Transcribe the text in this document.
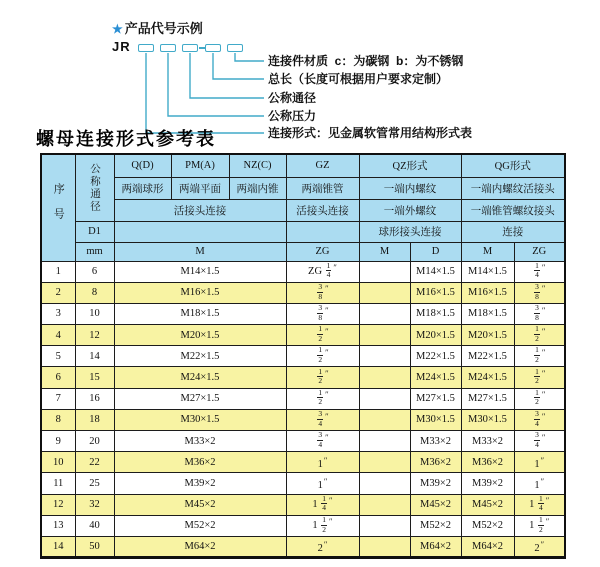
★ 产品代号示例
JR
连接件材质  c：为碳钢  b：为不锈钢
总长（长度可根据用户要求定制）
公称通径
公称压力
连接形式：见金属软管常用结构形式表
螺母连接形式参考表
序号	公称通径	Q(D)	PM(A)	NZ(C)	GZ	QZ形式		QG形式	
		两端球形	两端平面	两端内锥	两端锥管	一端内螺纹		一端内螺纹活接头	
		活接头连接			活接头连接	一端外螺纹		一端锥管螺纹接头	
	D1					球形接头连接		连接	
	mm	M			ZG	M	D	M	ZG
1	6	M14×1.5			ZG $\frac{1}{4} ''$		M14×1.5	M14×1.5	$\frac{1}{4} ''$
2	8	M16×1.5			$\frac{3}{8} ''$		M16×1.5	M16×1.5	$\frac{3}{8} ''$
3	10	M18×1.5			$\frac{3}{8} ''$		M18×1.5	M18×1.5	$\frac{3}{8} ''$
4	12	M20×1.5			$\frac{1}{2} ''$		M20×1.5	M20×1.5	$\frac{1}{2} ''$
5	14	M22×1.5			$\frac{1}{2} ''$		M22×1.5	M22×1.5	$\frac{1}{2} ''$
6	15	M24×1.5			$\frac{1}{2} ''$		M24×1.5	M24×1.5	$\frac{1}{2} ''$
7	16	M27×1.5			$\frac{1}{2} ''$		M27×1.5	M27×1.5	$\frac{1}{2} ''$
8	18	M30×1.5			$\frac{3}{4} ''$		M30×1.5	M30×1.5	$\frac{3}{4} ''$
9	20	M33×2			$\frac{3}{4} ''$		M33×2	M33×2	$\frac{3}{4} ''$
10	22	M36×2			1″		M36×2	M36×2	1″
11	25	M39×2			1″		M39×2	M39×2	1″
12	32	M45×2			$1 \frac{1}{4} ''$		M45×2	M45×2	$1 \frac{1}{4} ''$
13	40	M52×2			$1 \frac{1}{2} ''$		M52×2	M52×2	$1 \frac{1}{2} ''$
14	50	M64×2			2″		M64×2	M64×2	2″
